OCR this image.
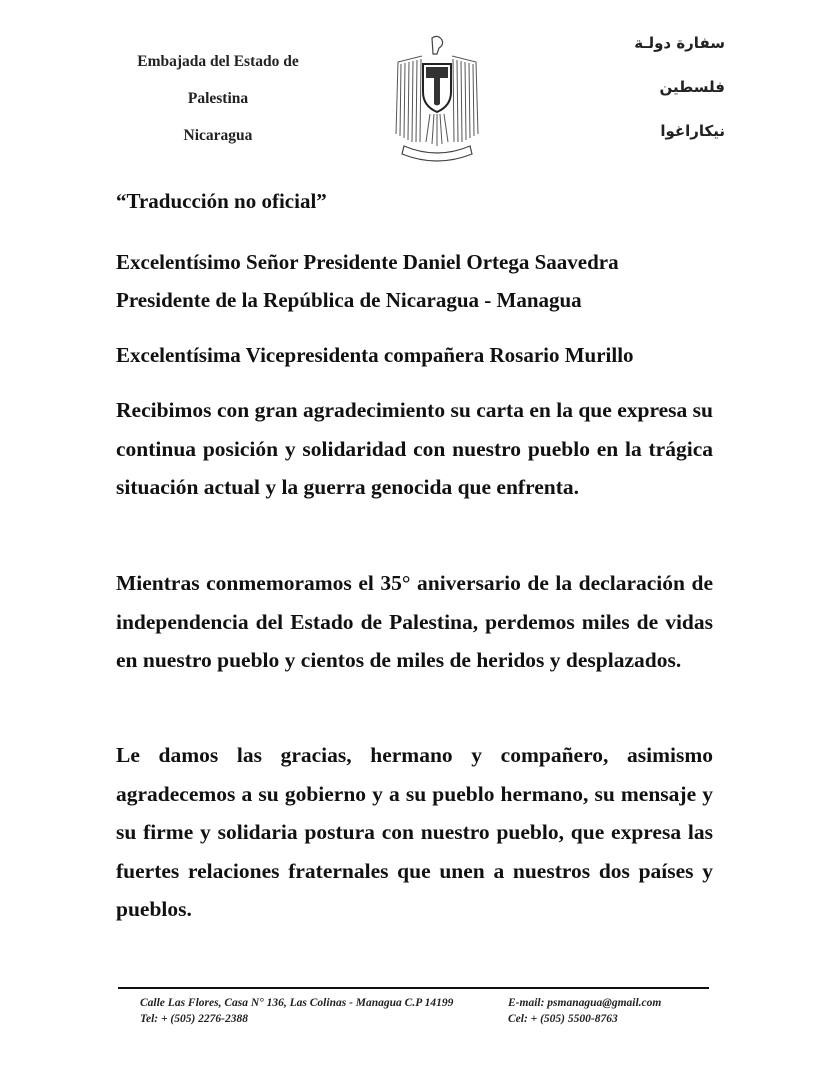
Embajada del Estado de
Palestina
Nicaragua
سفارة دولـة
فلسطين
نيكاراغوا
“Traducción no oficial”
Excelentísimo Señor Presidente Daniel Ortega Saavedra
Presidente de la República de Nicaragua - Managua
Excelentísima Vicepresidenta compañera Rosario Murillo
Recibimos con gran agradecimiento su carta en la que expresa su continua posición y solidaridad con nuestro pueblo en la trágica situación actual y la guerra genocida que enfrenta.
Mientras conmemoramos el 35° aniversario de la declaración de independencia del Estado de Palestina, perdemos miles de vidas en nuestro pueblo y cientos de miles de heridos y desplazados.
Le damos las gracias, hermano y compañero, asimismo agradecemos a su gobierno y a su pueblo hermano, su mensaje y su firme y solidaria postura con nuestro pueblo, que expresa las fuertes relaciones fraternales que unen a nuestros dos países y pueblos.
Calle Las Flores, Casa N° 136, Las Colinas - Managua C.P 14199
Tel: + (505) 2276-2388
E-mail: psmanagua@gmail.com
Cel: + (505) 5500-8763
